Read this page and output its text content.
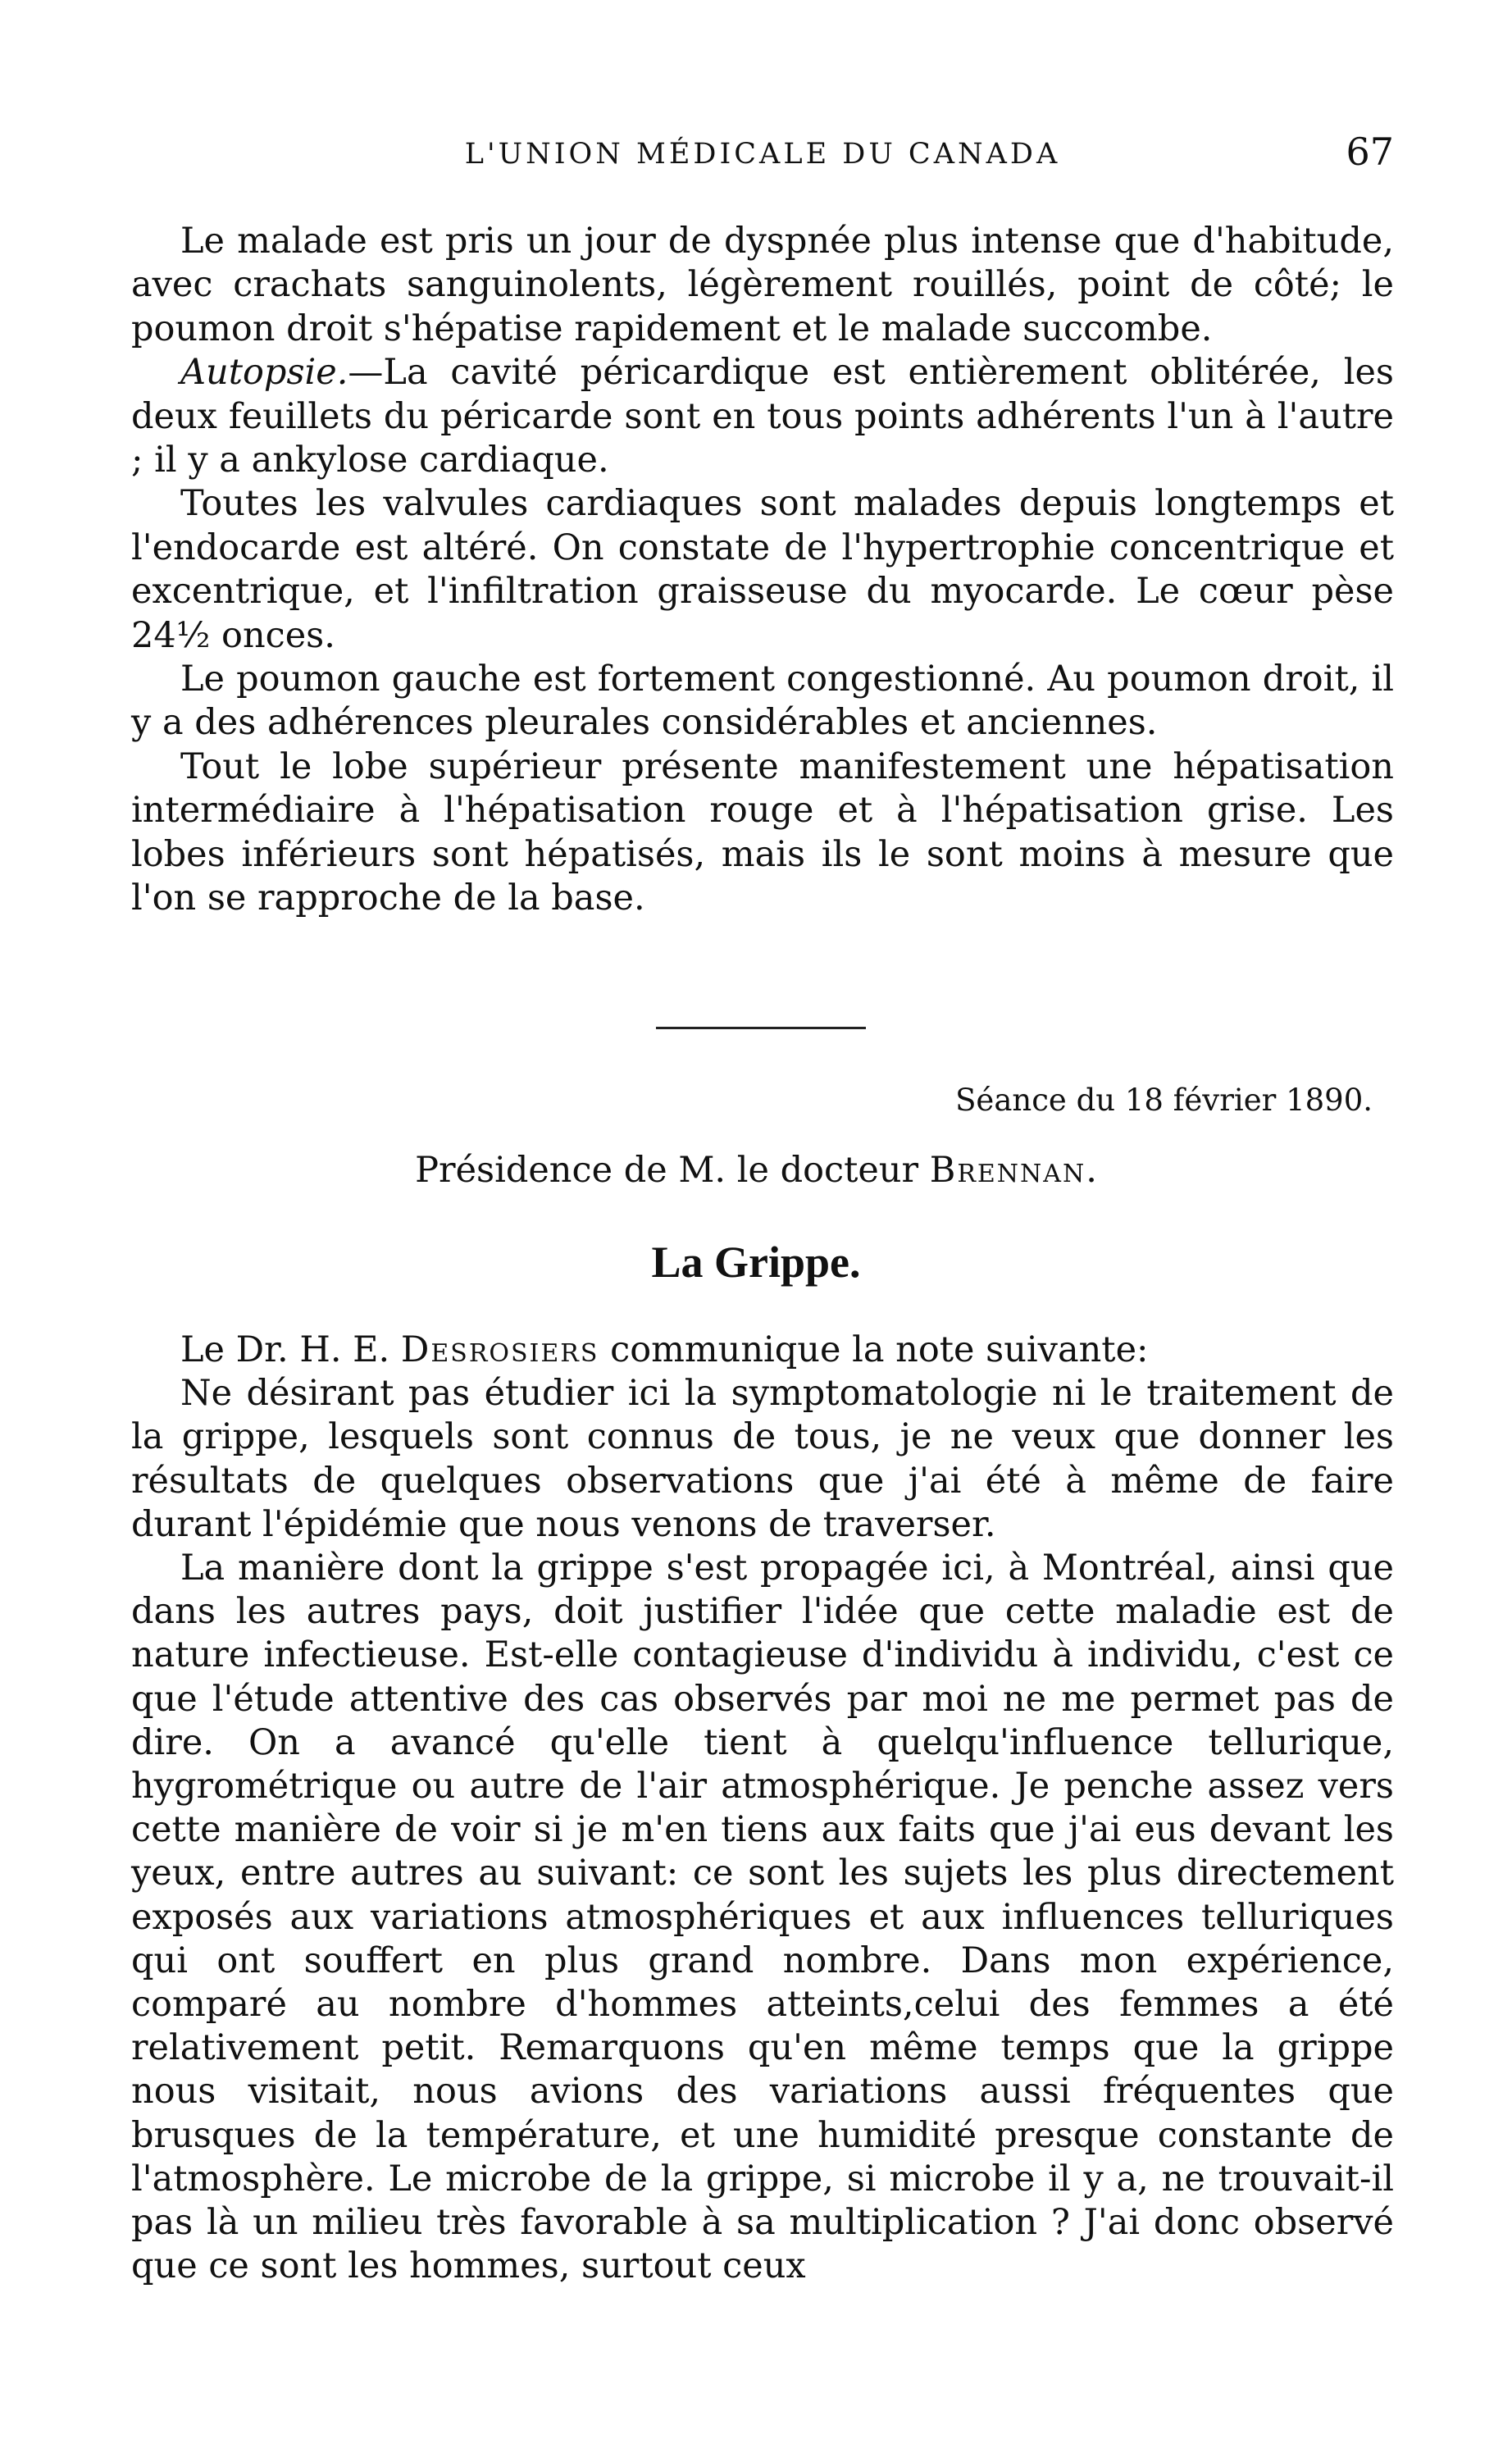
L'UNION MÉDICALE DU CANADA	67

Le malade est pris un jour de dyspnée plus intense que d'habitude, avec crachats sanguinolents, légèrement rouillés, point de côté; le poumon droit s'hépatise rapidement et le malade succombe.

Autopsie.—La cavité péricardique est entièrement oblitérée, les deux feuillets du péricarde sont en tous points adhérents l'un à l'autre ; il y a ankylose cardiaque.

Toutes les valvules cardiaques sont malades depuis longtemps et l'endocarde est altéré. On constate de l'hypertrophie concentrique et excentrique, et l'infiltration graisseuse du myocarde. Le cœur pèse 24½ onces.

Le poumon gauche est fortement congestionné. Au poumon droit, il y a des adhérences pleurales considérables et anciennes.

Tout le lobe supérieur présente manifestement une hépatisation intermédiaire à l'hépatisation rouge et à l'hépatisation grise. Les lobes inférieurs sont hépatisés, mais ils le sont moins à mesure que l'on se rapproche de la base.

Séance du 18 février 1890.
Présidence de M. le docteur Brennan.
La Grippe.

Le Dr. H. E. Desrosiers communique la note suivante:

Ne désirant pas étudier ici la symptomatologie ni le traitement de la grippe, lesquels sont connus de tous, je ne veux que donner les résultats de quelques observations que j'ai été à même de faire durant l'épidémie que nous venons de traverser.

La manière dont la grippe s'est propagée ici, à Montréal, ainsi que dans les autres pays, doit justifier l'idée que cette maladie est de nature infectieuse. Est-elle contagieuse d'individu à individu, c'est ce que l'étude attentive des cas observés par moi ne me permet pas de dire. On a avancé qu'elle tient à quelqu'influence tellurique, hygrométrique ou autre de l'air atmosphérique. Je penche assez vers cette manière de voir si je m'en tiens aux faits que j'ai eus devant les yeux, entre autres au suivant: ce sont les sujets les plus directement exposés aux variations atmosphériques et aux influences telluriques qui ont souffert en plus grand nombre. Dans mon expérience, comparé au nombre d'hommes atteints,celui des femmes a été relativement petit. Remarquons qu'en même temps que la grippe nous visitait, nous avions des variations aussi fréquentes que brusques de la température, et une humidité presque constante de l'atmosphère. Le microbe de la grippe, si microbe il y a, ne trouvait-il pas là un milieu très favorable à sa multiplication ? J'ai donc observé que ce sont les hommes, surtout ceux
